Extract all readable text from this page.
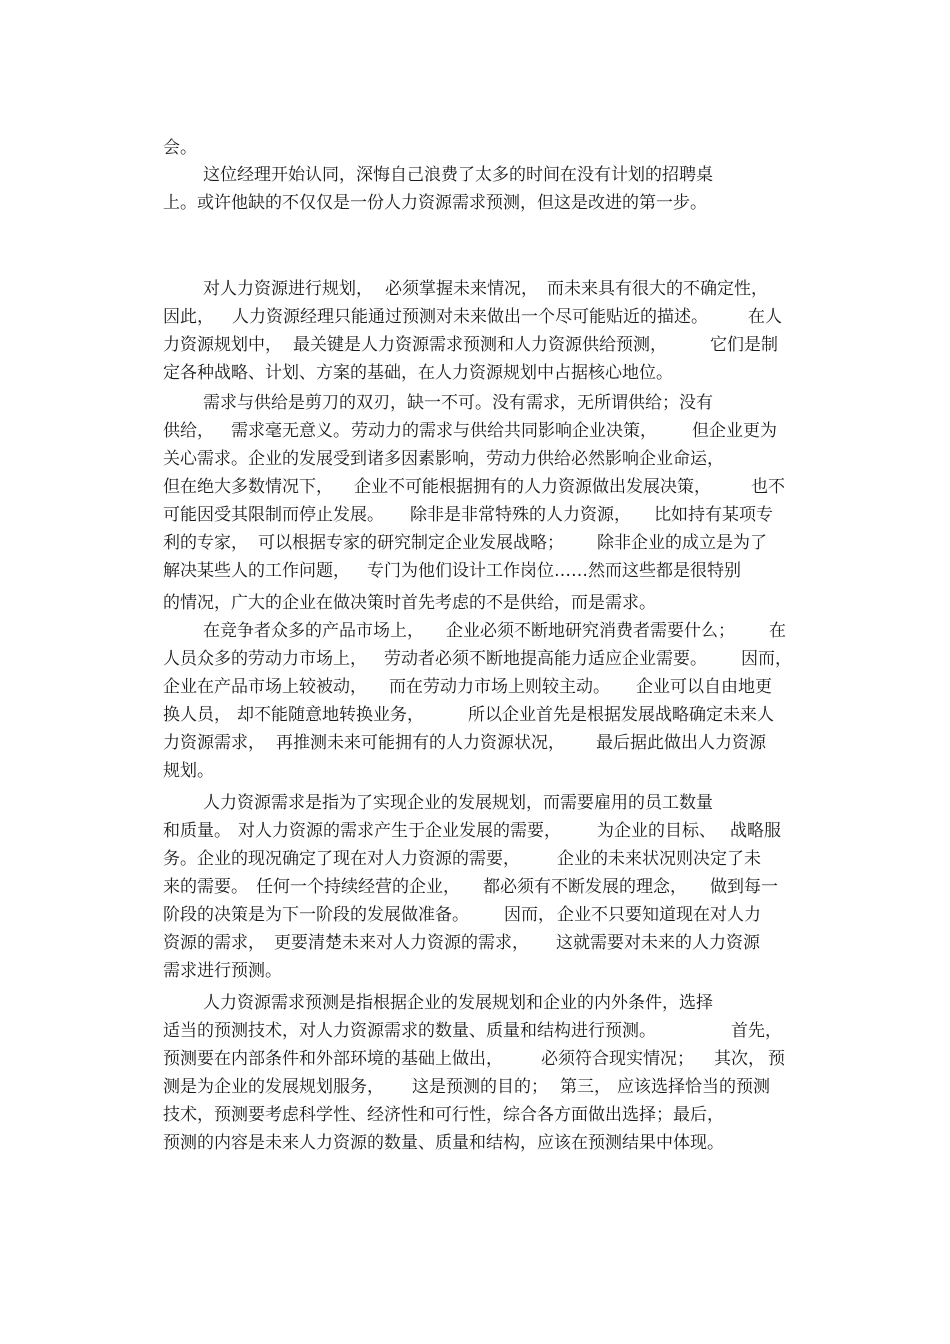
会。

这位经理开始认同，深悔自己浪费了太多的时间在没有计划的招聘桌

上。或许他缺的不仅仅是一份人力资源需求预测，但这是改进的第一步。

对人力资源进行规划，

必须掌握未来情况，

而未来具有很大的不确定性，

因此，

人力资源经理只能通过预测对未来做出一个尽可能贴近的描述。

在人

力资源规划中，

最关键是人力资源需求预测和人力资源供给预测，

	它们是制

定各种战略、计划、方案的基础，在人力资源规划中占据核心地位。

需求与供给是剪刀的双刃，缺一不可。没有需求，无所谓供给；没有

供给，

需求毫无意义。

劳动力的需求与供给共同影响企业决策，

但企业更为

关心需求。企业的发展受到诸多因素影响，劳动力供给必然影响企业命运，

但在绝大多数情况下，

企业不可能根据拥有的人力资源做出发展决策，

也不

可能因受其限制而停止发展。

除非是非常特殊的人力资源，

比如持有某项专

利的专家，

可以根据专家的研究制定企业发展战略；

除非企业的成立是为了

解决某些人的工作问题，

专门为他们设计工作岗位……然而这些都是很特别

的情况，广大的企业在做决策时首先考虑的不是供给，而是需求。

在竞争者众多的产品市场上，

企业必须不断地研究消费者需要什么；

在

人员众多的劳动力市场上，

劳动者必须不断地提高能力适应企业需要。

因而，

企业在产品市场上较被动，

而在劳动力市场上则较主动。

企业可以自由地更

换人员，

却不能随意地转换业务，

	所以企业首先是根据发展战略确定未来人

力资源需求，

再推测未来可能拥有的人力资源状况，

最后据此做出人力资源

规划。

人力资源需求是指为了实现企业的发展规划，而需要雇用的员工数量

和质量。

对人力资源的需求产生于企业发展的需要，

为企业的目标、

战略服

务。企业的现况确定了现在对人力资源的需要，

企业的未来状况则决定了未

来的需要。

任何一个持续经营的企业，

都必须有不断发展的理念，

做到每一

阶段的决策是为下一阶段的发展做准备。

因而，

企业不只要知道现在对人力

资源的需求，

更要清楚未来对人力资源的需求，

这就需要对未来的人力资源

需求进行预测。

人力资源需求预测是指根据企业的发展规划和企业的内外条件，选择

适当的预测技术，对人力资源需求的数量、质量和结构进行预测。

	首先，

预测要在内部条件和外部环境的基础上做出，

必须符合现实情况；

其次，

预

测是为企业的发展规划服务，

这是预测的目的；

第三，

应该选择恰当的预测

技术，预测要考虑科学性、经济性和可行性，综合各方面做出选择；最后，

预测的内容是未来人力资源的数量、质量和结构，应该在预测结果中体现。
